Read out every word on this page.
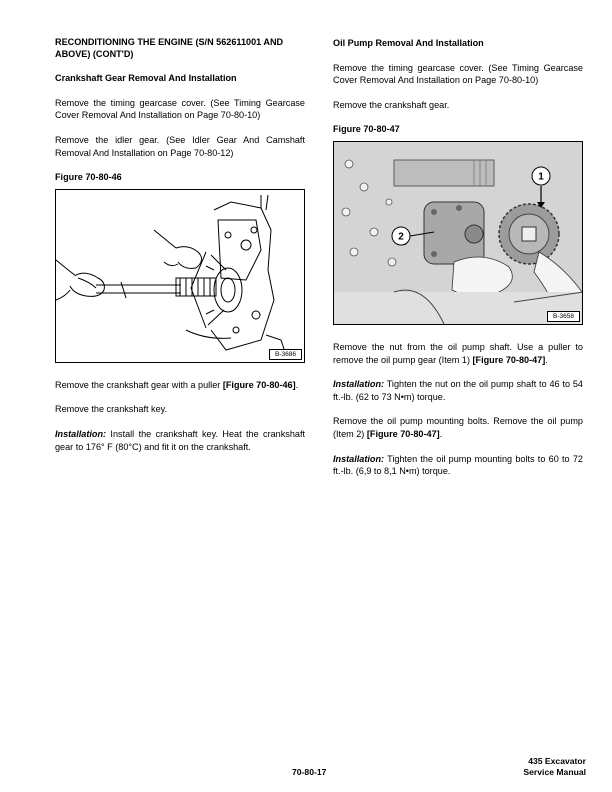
RECONDITIONING THE ENGINE (S/N 562611001 AND ABOVE) (CONT'D)
Crankshaft Gear Removal And Installation
Remove the timing gearcase cover. (See Timing Gearcase Cover Removal And Installation on Page 70-80-10)
Remove the idler gear. (See Idler Gear And Camshaft Removal And Installation on Page 70-80-12)
Figure 70-80-46
B-3686
Remove the crankshaft gear with a puller [Figure 70-80-46].
Remove the crankshaft key.
Installation: Install the crankshaft key. Heat the crankshaft gear to 176° F (80°C) and fit it on the crankshaft.
Oil Pump Removal And Installation
Remove the timing gearcase cover. (See Timing Gearcase Cover Removal And Installation on Page 70-80-10)
Remove the crankshaft gear.
Figure 70-80-47
1
2
B-3658
Remove the nut from the oil pump shaft. Use a puller to remove the oil pump gear (Item 1) [Figure 70-80-47].
Installation: Tighten the nut on the oil pump shaft to 46 to 54 ft.-lb. (62 to 73 N•m) torque.
Remove the oil pump mounting bolts. Remove the oil pump (Item 2) [Figure 70-80-47].
Installation: Tighten the oil pump mounting bolts to 60 to 72 ft.-lb. (6,9 to 8,1 N•m) torque.
70-80-17
435 Excavator
Service Manual
